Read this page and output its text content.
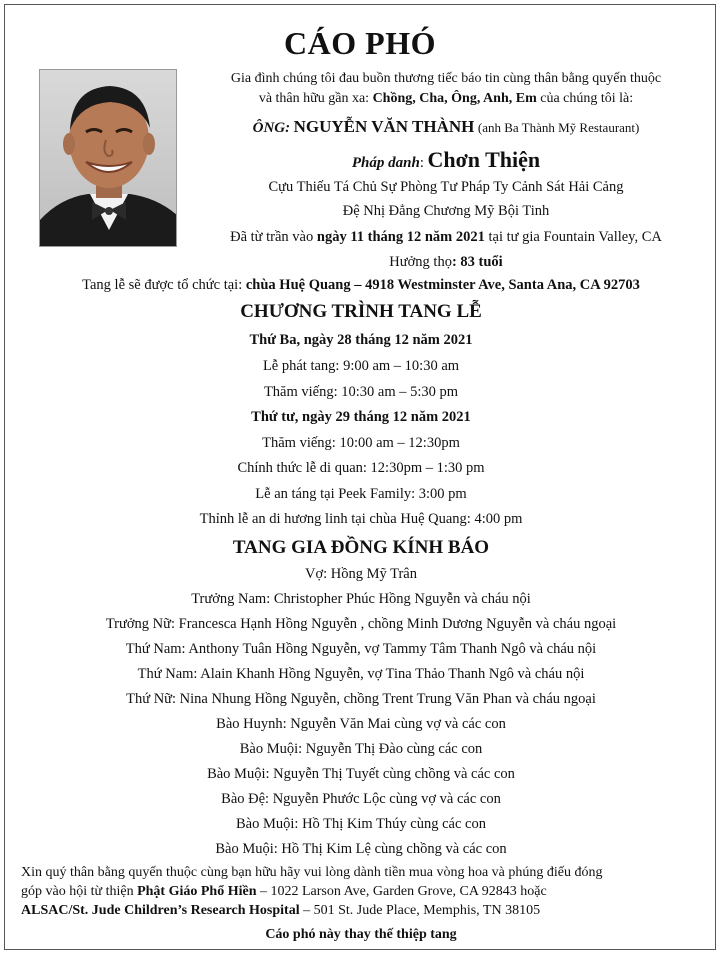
CÁO PHÓ
Gia đình chúng tôi đau buồn thương tiếc báo tin cùng thân bằng quyến thuộc
và thân hữu gần xa: Chồng, Cha, Ông, Anh, Em của chúng tôi là:
ÔNG: NGUYỄN VĂN THÀNH (anh Ba Thành Mỹ Restaurant)
Pháp danh: Chơn Thiện
Cựu Thiếu Tá Chủ Sự Phòng Tư Pháp Ty Cảnh Sát Hải Cảng
Đệ Nhị Đẳng Chương Mỹ Bội Tinh
Đã từ trần vào ngày 11 tháng 12 năm 2021 tại tư gia Fountain Valley, CA
Hưởng thọ: 83 tuổi
Tang lễ sẽ được tổ chức tại: chùa Huệ Quang – 4918 Westminster Ave, Santa Ana, CA 92703
CHƯƠNG TRÌNH TANG LỄ
Thứ Ba, ngày 28 tháng 12 năm 2021
Lễ phát tang: 9:00 am – 10:30 am
Thăm viếng: 10:30 am – 5:30 pm
Thứ tư, ngày 29 tháng 12 năm 2021
Thăm viếng: 10:00 am – 12:30pm
Chính thức lễ di quan: 12:30pm – 1:30 pm
Lễ an táng tại Peek Family: 3:00 pm
Thỉnh lễ an di hương linh tại chùa Huệ Quang: 4:00 pm
TANG GIA ĐỒNG KÍNH BÁO
Vợ: Hồng Mỹ Trân
Trưởng Nam: Christopher Phúc Hồng Nguyễn và cháu nội
Trưởng Nữ: Francesca Hạnh Hồng Nguyễn , chồng Minh Dương Nguyễn và cháu ngoại
Thứ Nam: Anthony Tuân Hồng Nguyễn, vợ Tammy Tâm Thanh Ngô và cháu nội
Thứ Nam: Alain Khanh Hồng Nguyễn, vợ Tina Thảo Thanh Ngô và cháu nội
Thứ Nữ: Nina Nhung Hồng Nguyễn, chồng Trent Trung Văn Phan và cháu ngoại
Bào Huynh: Nguyễn Văn Mai cùng vợ và các con
Bào Muội: Nguyễn Thị Đào cùng các con
Bào Muội: Nguyễn Thị Tuyết cùng chồng và các con
Bào Đệ: Nguyễn Phước Lộc cùng vợ và các con
Bào Muội: Hồ Thị Kim Thúy cùng các con
Bào Muội: Hồ Thị Kim Lệ cùng chồng và các con
Xin quý thân bằng quyến thuộc cùng bạn hữu hãy vui lòng dành tiền mua vòng hoa và phúng điếu đóng
góp vào hội từ thiện Phật Giáo Phổ Hiền – 1022 Larson Ave, Garden Grove, CA 92843 hoặc
ALSAC/St. Jude Children’s Research Hospital – 501 St. Jude Place, Memphis, TN 38105
Cáo phó này thay thế thiệp tang
